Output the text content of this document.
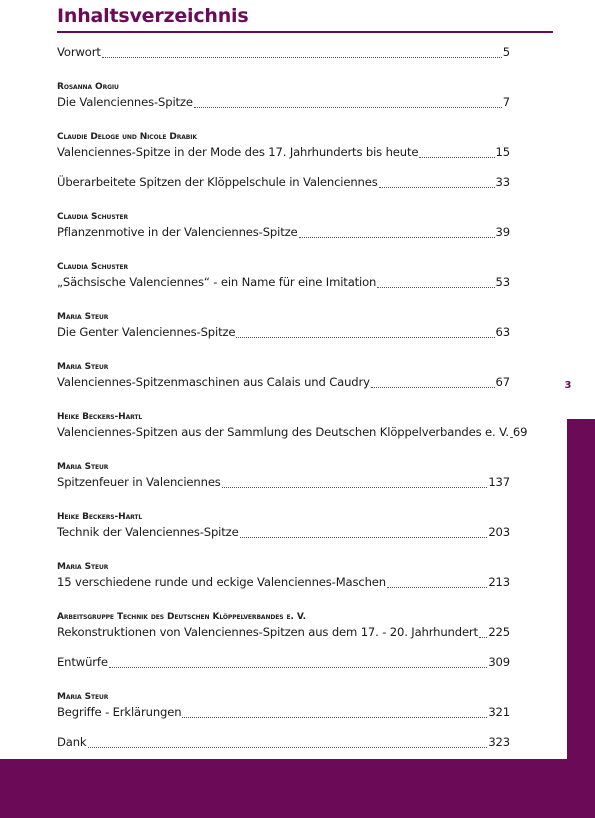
Inhaltsverzeichnis
Vorwort	5
Rosanna Orgiu
Die Valenciennes-Spitze	7
Claudie Deloge und Nicole Drabik
Valenciennes-Spitze in der Mode des 17. Jahrhunderts bis heute	15
Überarbeitete Spitzen der Klöppelschule in Valenciennes	33
Claudia Schuster
Pflanzenmotive in der Valenciennes-Spitze	39
Claudia Schuster
„Sächsische Valenciennes“ - ein Name für eine Imitation	53
Maria Steur
Die Genter Valenciennes-Spitze	63
Maria Steur
Valenciennes-Spitzenmaschinen aus Calais und Caudry	67
Heike Beckers-Hartl
Valenciennes-Spitzen aus der Sammlung des Deutschen Klöppelverbandes e. V. 69
Maria Steur
Spitzenfeuer in Valenciennes	137
Heike Beckers-Hartl
Technik der Valenciennes-Spitze	203
Maria Steur
15 verschiedene runde und eckige Valenciennes-Maschen	213
Arbeitsgruppe Technik des Deutschen Klöppelverbandes e. V.
Rekonstruktionen von Valenciennes-Spitzen aus dem 17. - 20. Jahrhundert 225
Entwürfe	309
Maria Steur
Begriffe - Erklärungen	321
Dank	323
3
